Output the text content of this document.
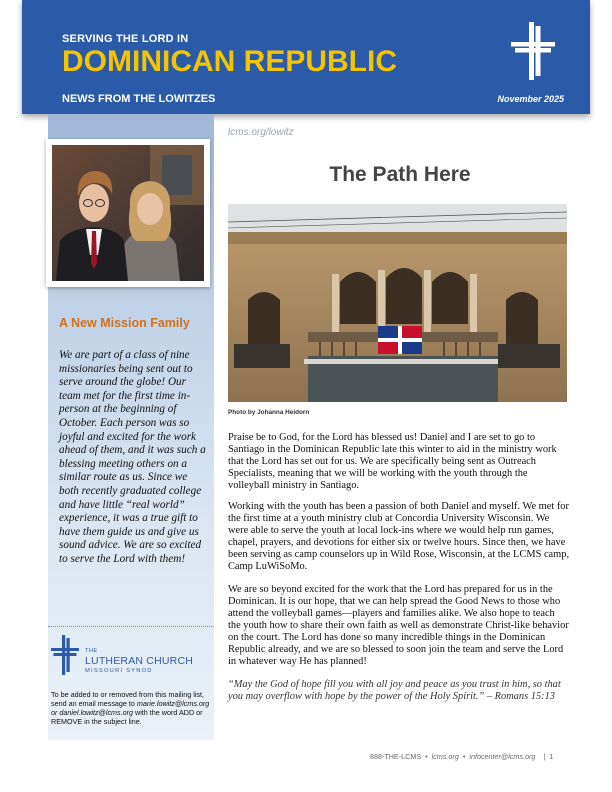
SERVING THE LORD IN
DOMINICAN REPUBLIC
NEWS FROM THE LOWITZES	November 2025
A New Mission Family

We are part of a class of nine missionaries being sent out to serve around the globe! Our team met for the first time in-person at the beginning of October. Each person was so joyful and excited for the work ahead of them, and it was such a blessing meeting others on a similar route as us. Since we both recently graduated college and have little “real world” experience, it was a true gift to have them guide us and give us sound advice. We are so excited to serve the Lord with them!

THE
LUTHERAN CHURCH
MISSOURI SYNOD
To be added to or removed from this mailing list, send an email message to marie.lowitz@lcms.org or daniel.lowitz@lcms.org with the word ADD or REMOVE in the subject line.
lcms.org/lowitz
The Path Here
Photo by Johanna Heidorn

Praise be to God, for the Lord has blessed us! Daniel and I are set to go to Santiago in the Dominican Republic late this winter to aid in the ministry work that the Lord has set out for us. We are specifically being sent as Outreach Specialists, meaning that we will be working with the youth through the volleyball ministry in Santiago.

Working with the youth has been a passion of both Daniel and myself. We met for the first time at a youth ministry club at Concordia University Wisconsin. We were able to serve the youth at local lock-ins where we would help run games, chapel, prayers, and devotions for either six or twelve hours. Since then, we have been serving as camp counselors up in Wild Rose, Wisconsin, at the LCMS camp, Camp LuWiSoMo.

We are so beyond excited for the work that the Lord has prepared for us in the Dominican. It is our hope, that we can help spread the Good News to those who attend the volleyball games—players and families alike. We also hope to teach the youth how to share their own faith as well as demonstrate Christ-like behavior on the court. The Lord has done so many incredible things in the Dominican Republic already, and we are so blessed to soon join the team and serve the Lord in whatever way He has planned!

“May the God of hope fill you with all joy and peace as you trust in him, so that you may overflow with hope by the power of the Holy Spirit.” – Romans 15:13

888-THE-LCMS • lcms.org • infocenter@lcms.org | 1
